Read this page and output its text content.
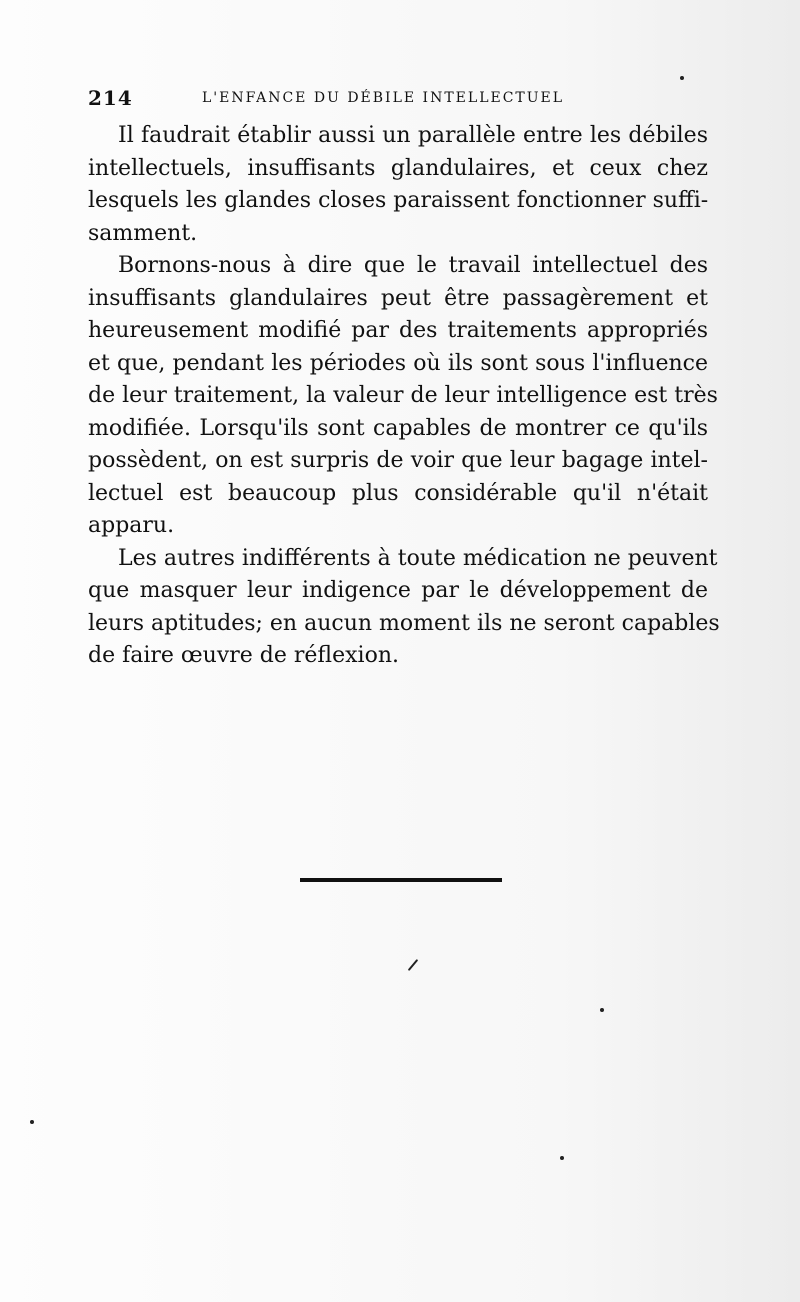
214	L'ENFANCE DU DÉBILE INTELLECTUEL
Il faudrait établir aussi un parallèle entre les débiles
intellectuels, insuffisants glandulaires, et ceux chez
lesquels les glandes closes paraissent fonctionner suffi-
samment.
Bornons-nous à dire que le travail intellectuel des
insuffisants glandulaires peut être passagèrement et
heureusement modifié par des traitements appropriés
et que, pendant les périodes où ils sont sous l'influence
de leur traitement, la valeur de leur intelligence est très
modifiée. Lorsqu'ils sont capables de montrer ce qu'ils
possèdent, on est surpris de voir que leur bagage intel-
lectuel est beaucoup plus considérable qu'il n'était
apparu.
Les autres indifférents à toute médication ne peuvent
que masquer leur indigence par le développement de
leurs aptitudes; en aucun moment ils ne seront capables
de faire œuvre de réflexion.
